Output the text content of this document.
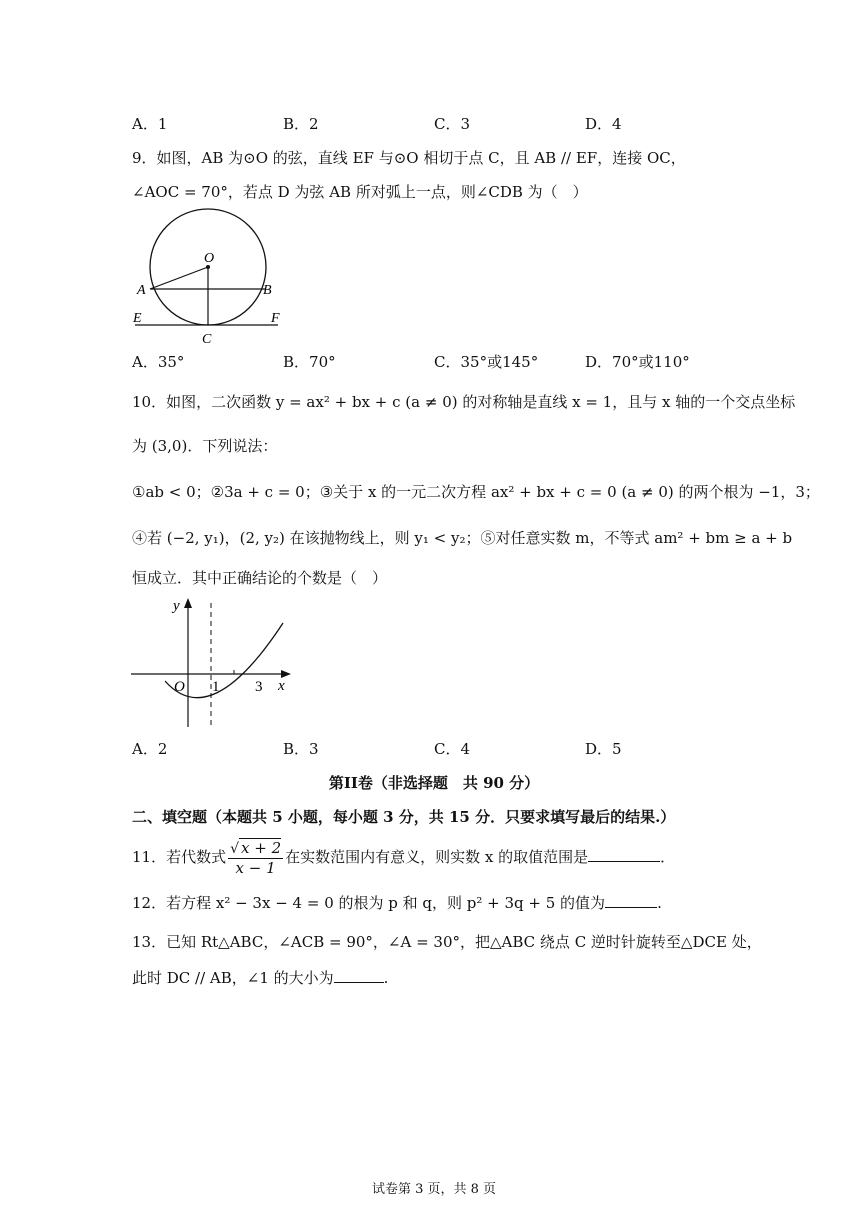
A．1	B．2	C．3	D．4
9．如图，AB 为⊙O 的弦，直线 EF 与⊙O 相切于点 C，且 AB // EF，连接 OC，
∠AOC = 70°，若点 D 为弦 AB 所对弧上一点，则∠CDB 为（　）
O
A	B
E	F
C
A．35°	B．70°	C．35°或145°	D．70°或110°
10．如图，二次函数 y = ax² + bx + c (a ≠ 0) 的对称轴是直线 x = 1，且与 x 轴的一个交点坐标
为 (3,0)．下列说法：
①ab < 0；②3a + c = 0；③关于 x 的一元二次方程 ax² + bx + c = 0 (a ≠ 0) 的两个根为 −1，3；
④若 (−2, y₁)，(2, y₂) 在该抛物线上，则 y₁ < y₂；⑤对任意实数 m，不等式 am² + bm ≥ a + b
恒成立．其中正确结论的个数是（　）
y
x
O 1 3
A．2	B．3	C．4	D．5
第II卷（非选择题　共 90 分）
二、填空题（本题共 5 小题，每小题 3 分，共 15 分．只要求填写最后的结果.）
11．若代数式 $\frac{√ x + 2}{x - 1}$ 在实数范围内有意义，则实数 x 的取值范围是	．
12．若方程 x² − 3x − 4 = 0 的根为 p 和 q，则 p² + 3q + 5 的值为	.
13．已知 Rt△ABC，∠ACB = 90°，∠A = 30°，把△ABC 绕点 C 逆时针旋转至△DCE 处，
此时 DC // AB，∠1 的大小为	.
试卷第 3 页，共 8 页
